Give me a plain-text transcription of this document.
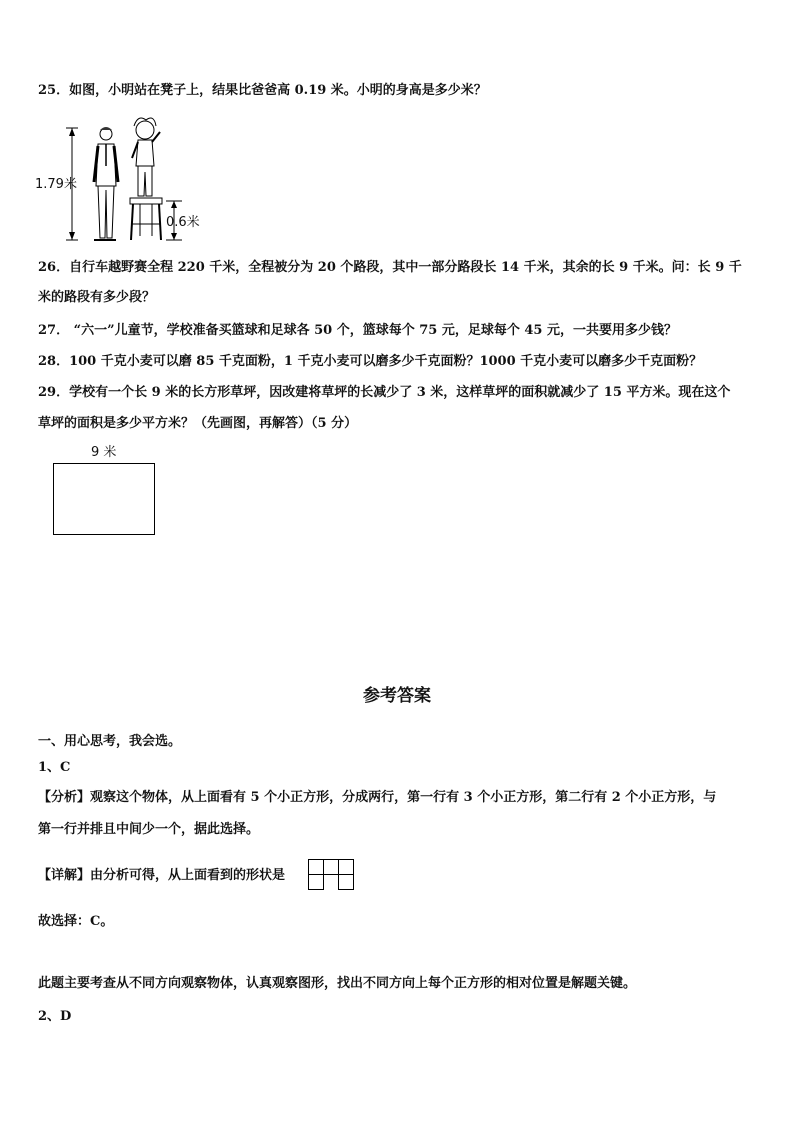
25．如图，小明站在凳子上，结果比爸爸高 0.19 米。小明的身高是多少米？
1.79米
0.6米
26．自行车越野赛全程 220 千米，全程被分为 20 个路段，其中一部分路段长 14 千米，其余的长 9 千米。问：长 9 千
米的路段有多少段？
27． “六一”儿童节，学校准备买篮球和足球各 50 个，篮球每个 75 元，足球每个 45 元，一共要用多少钱？
28．100 千克小麦可以磨 85 千克面粉，1 千克小麦可以磨多少千克面粉？1000 千克小麦可以磨多少千克面粉？
29．学校有一个长 9 米的长方形草坪，因改建将草坪的长减少了 3 米，这样草坪的面积就减少了 15 平方米。现在这个
草坪的面积是多少平方米？（先画图，再解答）（5 分）
9 米
参考答案
一、用心思考，我会选。
1、C
【分析】观察这个物体，从上面看有 5 个小正方形，分成两行，第一行有 3 个小正方形，第二行有 2 个小正方形，与
第一行并排且中间少一个，据此选择。
【详解】由分析可得，从上面看到的形状是
故选择：C。
此题主要考查从不同方向观察物体，认真观察图形，找出不同方向上每个正方形的相对位置是解题关键。
2、D
